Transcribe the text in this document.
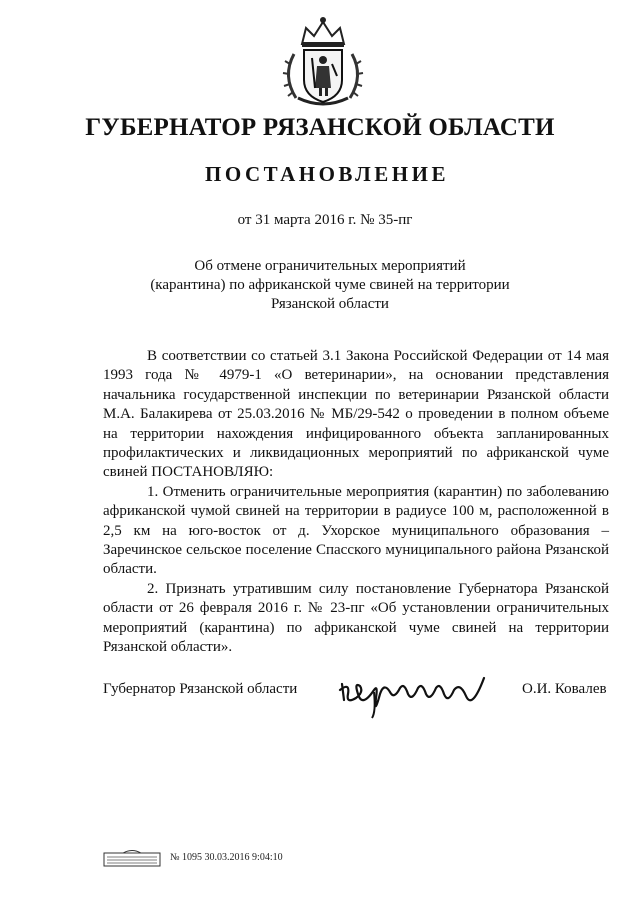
ГУБЕРНАТОР РЯЗАНСКОЙ ОБЛАСТИ
ПОСТАНОВЛЕНИЕ
от 31 марта 2016 г. № 35-пг
Об отмене ограничительных мероприятий
(карантина) по африканской чуме свиней на территории
Рязанской области

В соответствии со статьей 3.1 Закона Российской Федерации от 14 мая 1993 года № 4979-1 «О ветеринарии», на основании представления начальника государственной инспекции по ветеринарии Рязанской области М.А. Балакирева от 25.03.2016 № МБ/29-542 о проведении в полном объеме на территории нахождения инфицированного объекта запланированных профилактических и ликвидационных мероприятий по африканской чуме свиней ПОСТАНОВЛЯЮ:

1. Отменить ограничительные мероприятия (карантин) по заболеванию африканской чумой свиней на территории в радиусе 100 м, расположенной в 2,5 км на юго-восток от д. Ухорское муниципального образования – Заречинское сельское поселение Спасского муниципального района Рязанской области.

2. Признать утратившим силу постановление Губернатора Рязанской области от 26 февраля 2016 г. № 23-пг «Об установлении ограничительных мероприятий (карантина) по африканской чуме свиней на территории Рязанской области».

Губернатор Рязанской области	О.И. Ковалев
№ 1095 30.03.2016 9:04:10
